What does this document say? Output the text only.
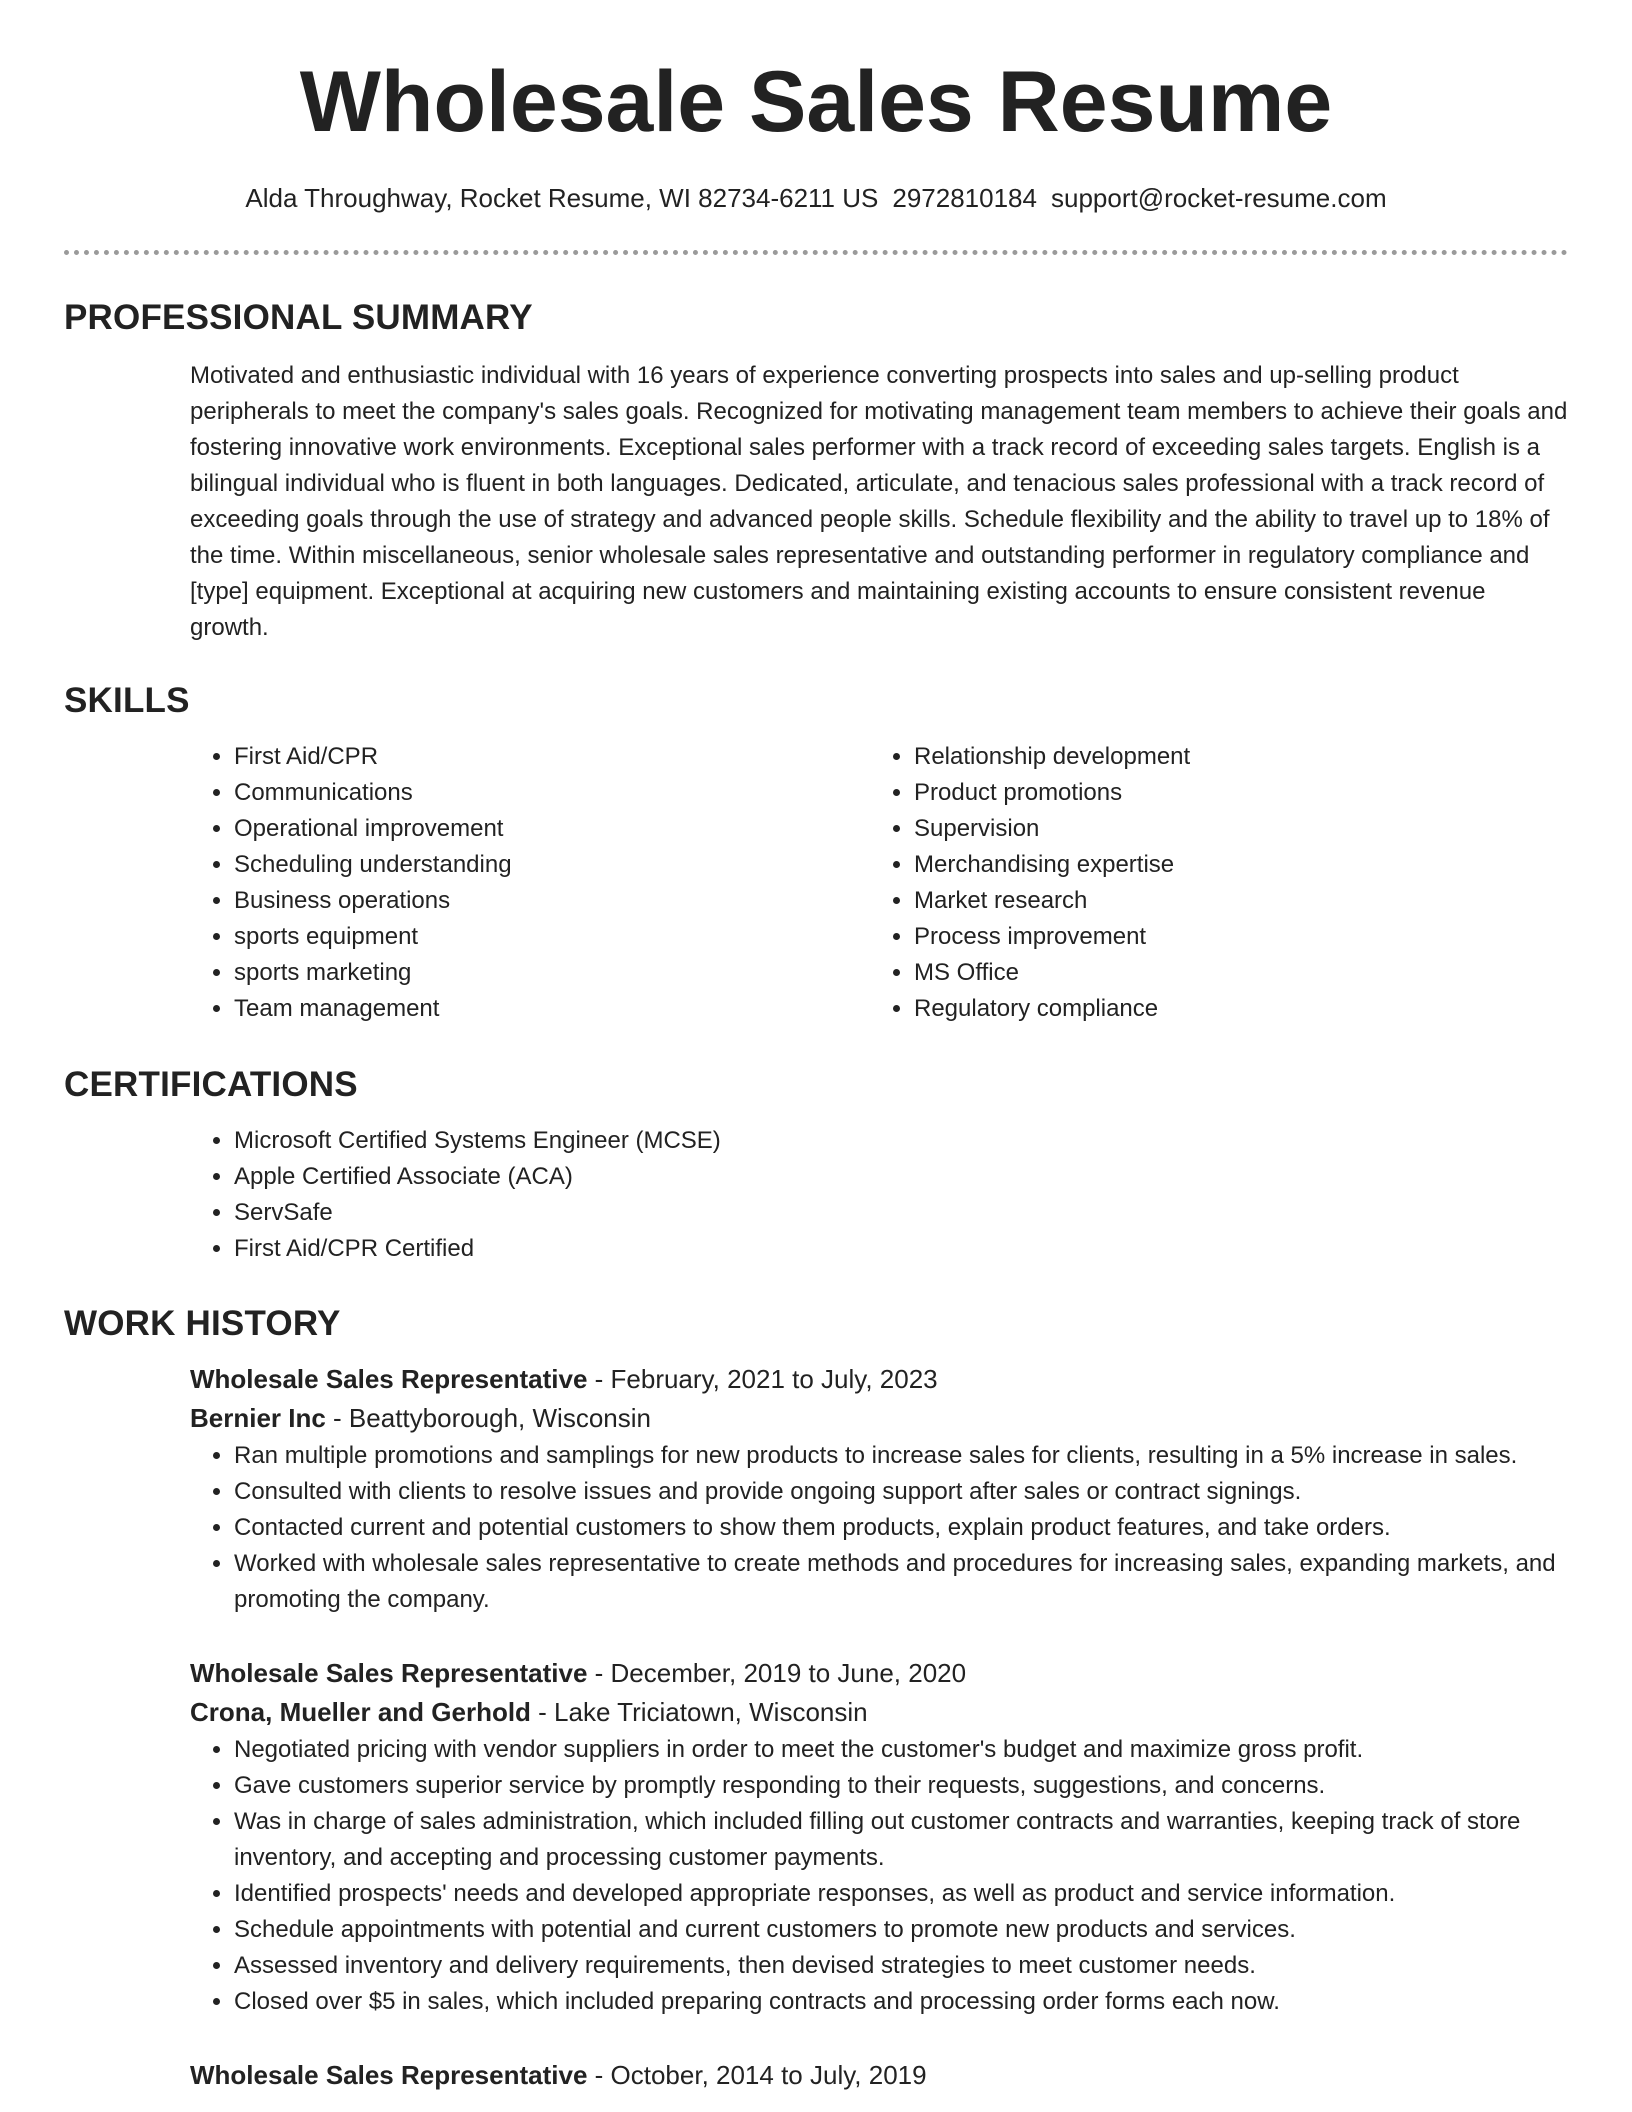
Wholesale Sales Resume
Alda Throughway, Rocket Resume, WI 82734-6211 US 2972810184 support@rocket-resume.com
PROFESSIONAL SUMMARY

Motivated and enthusiastic individual with 16 years of experience converting prospects into sales and up-selling product peripherals to meet the company's sales goals. Recognized for motivating management team members to achieve their goals and fostering innovative work environments. Exceptional sales performer with a track record of exceeding sales targets. English is a bilingual individual who is fluent in both languages. Dedicated, articulate, and tenacious sales professional with a track record of exceeding goals through the use of strategy and advanced people skills. Schedule flexibility and the ability to travel up to 18% of the time. Within miscellaneous, senior wholesale sales representative and outstanding performer in regulatory compliance and [type] equipment. Exceptional at acquiring new customers and maintaining existing accounts to ensure consistent revenue growth.

SKILLS
• First Aid/CPR
• Communications
• Operational improvement
• Scheduling understanding
• Business operations
• sports equipment
• sports marketing
• Team management
• Relationship development
• Product promotions
• Supervision
• Merchandising expertise
• Market research
• Process improvement
• MS Office
• Regulatory compliance
CERTIFICATIONS
• Microsoft Certified Systems Engineer (MCSE)
• Apple Certified Associate (ACA)
• ServSafe
• First Aid/CPR Certified
WORK HISTORY
Wholesale Sales Representative - February, 2021 to July, 2023
Bernier Inc - Beattyborough, Wisconsin
• Ran multiple promotions and samplings for new products to increase sales for clients, resulting in a 5% increase in sales.
• Consulted with clients to resolve issues and provide ongoing support after sales or contract signings.
• Contacted current and potential customers to show them products, explain product features, and take orders.
• Worked with wholesale sales representative to create methods and procedures for increasing sales, expanding markets, and promoting the company.
Wholesale Sales Representative - December, 2019 to June, 2020
Crona, Mueller and Gerhold - Lake Triciatown, Wisconsin
• Negotiated pricing with vendor suppliers in order to meet the customer's budget and maximize gross profit.
• Gave customers superior service by promptly responding to their requests, suggestions, and concerns.
• Was in charge of sales administration, which included filling out customer contracts and warranties, keeping track of store inventory, and accepting and processing customer payments.
• Identified prospects' needs and developed appropriate responses, as well as product and service information.
• Schedule appointments with potential and current customers to promote new products and services.
• Assessed inventory and delivery requirements, then devised strategies to meet customer needs.
• Closed over $5 in sales, which included preparing contracts and processing order forms each now.
Wholesale Sales Representative - October, 2014 to July, 2019
